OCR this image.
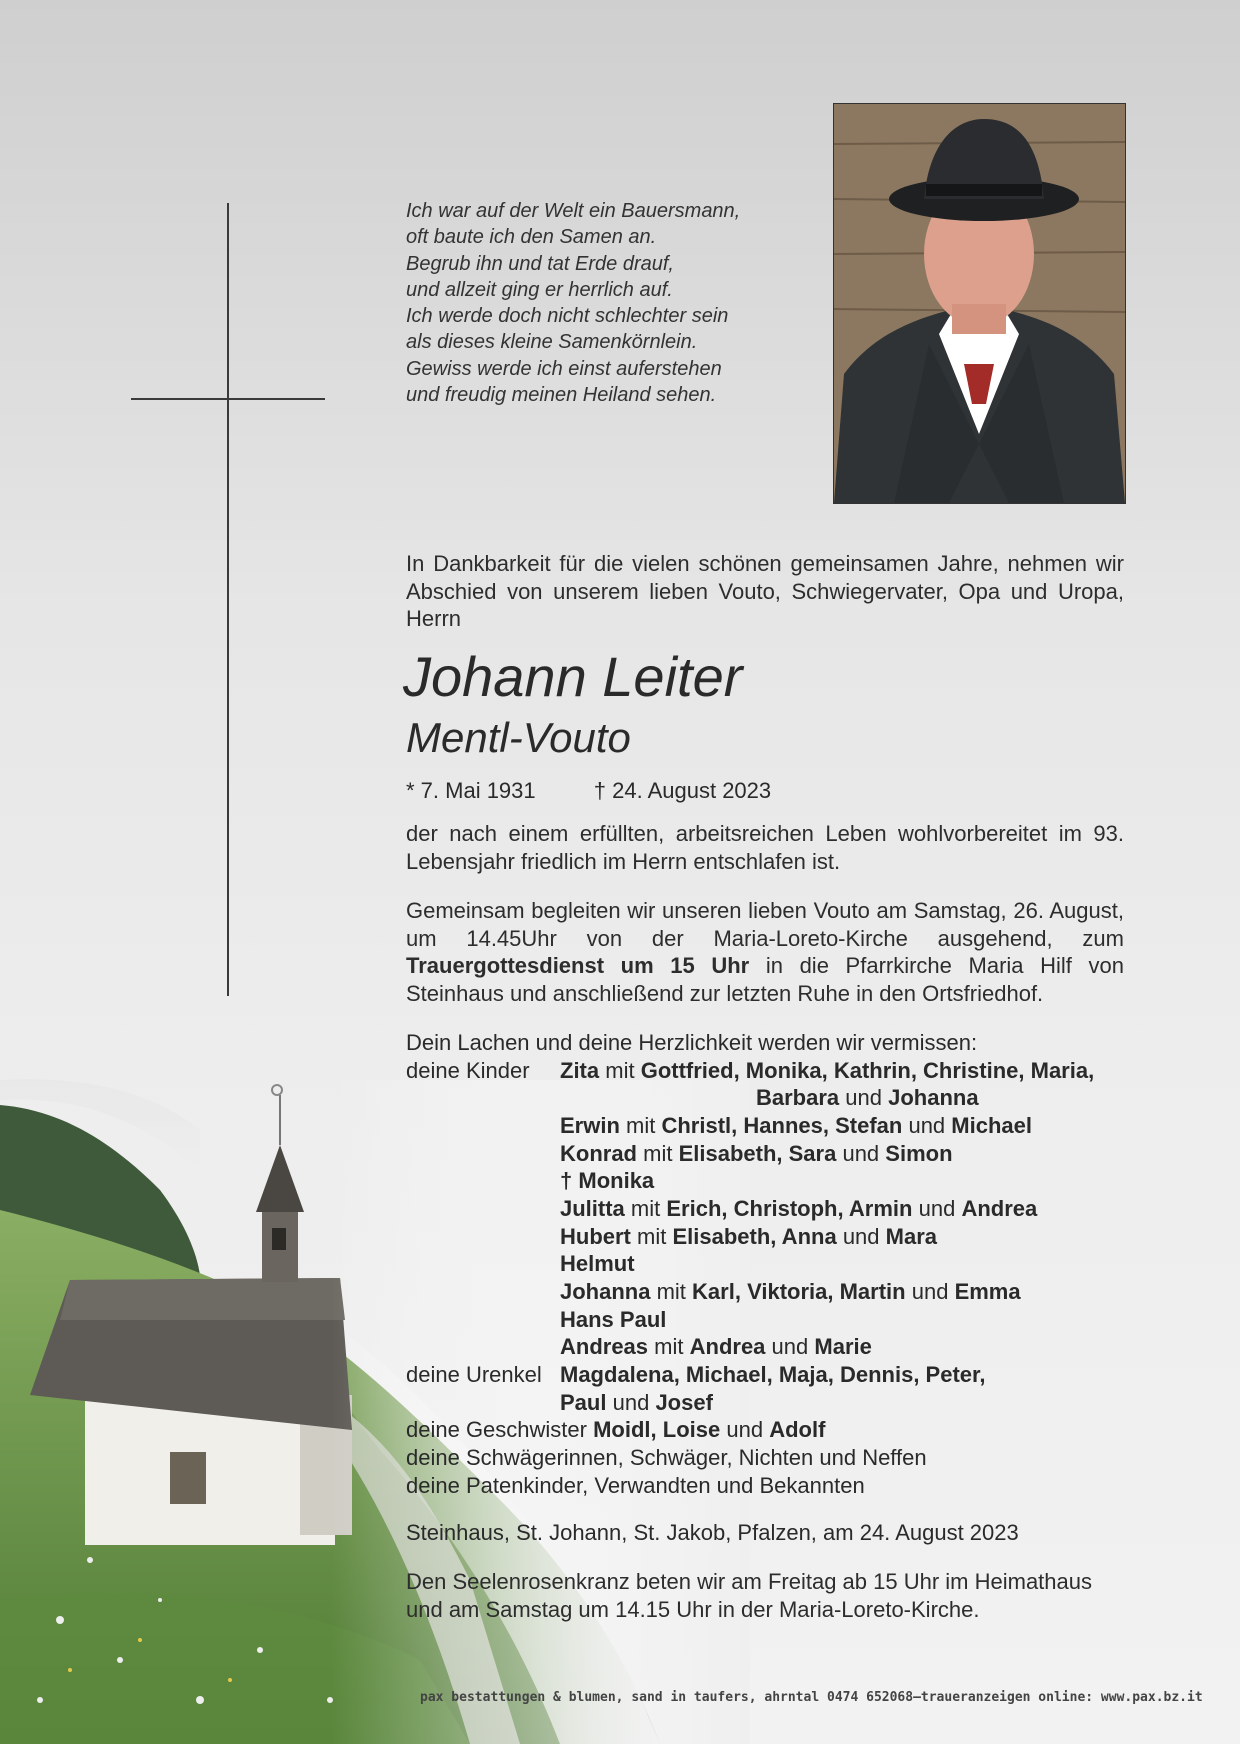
Ich war auf der Welt ein Bauersmann,
oft baute ich den Samen an.
Begrub ihn und tat Erde drauf,
und allzeit ging er herrlich auf.
Ich werde doch nicht schlechter sein
als dieses kleine Samenkörnlein.
Gewiss werde ich einst auferstehen
und freudig meinen Heiland sehen.
In Dankbarkeit für die vielen schönen gemeinsamen Jahre, nehmen wir Abschied von unserem lieben Vouto, Schwiegervater, Opa und Uropa, Herrn
Johann Leiter
Mentl-Vouto
* 7. Mai 1931	† 24. August 2023
der nach einem erfüllten, arbeitsreichen Leben wohlvorbereitet im 93. Lebensjahr friedlich im Herrn entschlafen ist.
Gemeinsam begleiten wir unseren lieben Vouto am Samstag, 26. August, um 14.45Uhr von der Maria-Loreto-Kirche ausgehend, zum Trauergottesdienst um 15 Uhr in die Pfarrkirche Maria Hilf von Steinhaus und anschließend zur letzten Ruhe in den Ortsfriedhof.
Dein Lachen und deine Herzlichkeit werden wir vermissen:
deine Kinder Zita mit Gottfried, Monika, Kathrin, Christine, Maria,
Barbara und Johanna
Erwin mit Christl, Hannes, Stefan und Michael
Konrad mit Elisabeth, Sara und Simon
† Monika
Julitta mit Erich, Christoph, Armin und Andrea
Hubert mit Elisabeth, Anna und Mara
Helmut
Johanna mit Karl, Viktoria, Martin und Emma
Hans Paul
Andreas mit Andrea und Marie
deine Urenkel Magdalena, Michael, Maja, Dennis, Peter,
Paul und Josef
deine Geschwister Moidl, Loise und Adolf
deine Schwägerinnen, Schwäger, Nichten und Neffen
deine Patenkinder, Verwandten und Bekannten
Steinhaus, St. Johann, St. Jakob, Pfalzen, am 24. August 2023
Den Seelenrosenkranz beten wir am Freitag ab 15 Uhr im Heimathaus und am Samstag um 14.15 Uhr in der Maria-Loreto-Kirche.
pax bestattungen & blumen, sand in taufers, ahrntal 0474 652068–traueranzeigen online: www.pax.bz.it
